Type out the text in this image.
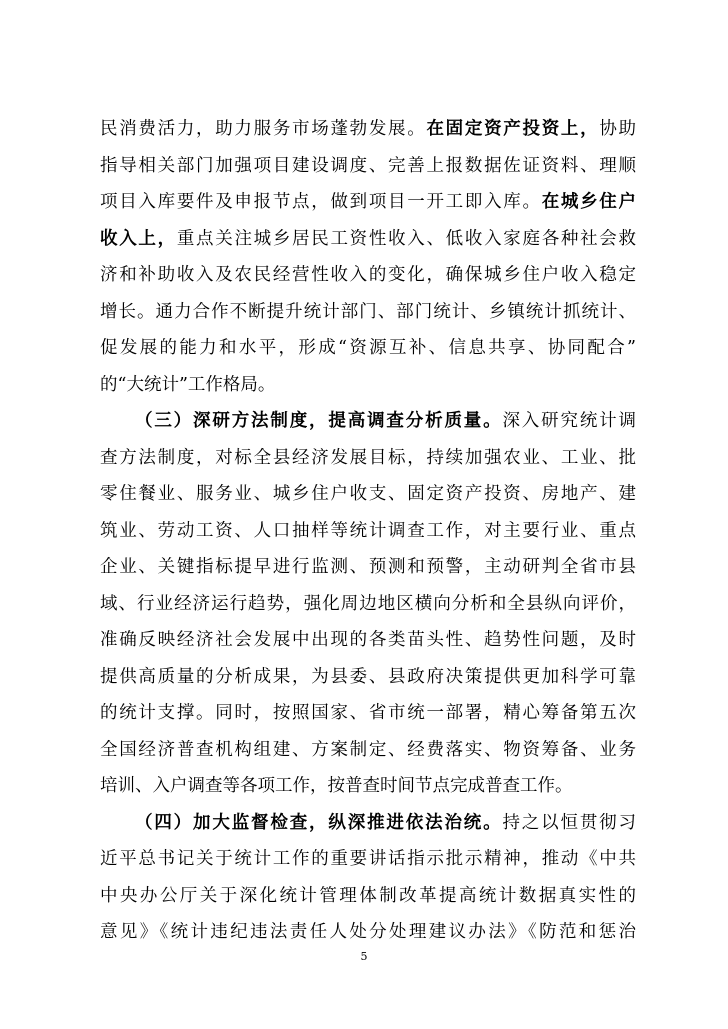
民消费活力，助力服务市场蓬勃发展。在固定资产投资上，协助
指导相关部门加强项目建设调度、完善上报数据佐证资料、理顺
项目入库要件及申报节点，做到项目一开工即入库。在城乡住户
收入上，重点关注城乡居民工资性收入、低收入家庭各种社会救
济和补助收入及农民经营性收入的变化，确保城乡住户收入稳定
增长。通力合作不断提升统计部门、部门统计、乡镇统计抓统计、
促发展的能力和水平，形成“资源互补、信息共享、协同配合”
的“大统计”工作格局。
（三）深研方法制度，提高调查分析质量。深入研究统计调
查方法制度，对标全县经济发展目标，持续加强农业、工业、批
零住餐业、服务业、城乡住户收支、固定资产投资、房地产、建
筑业、劳动工资、人口抽样等统计调查工作，对主要行业、重点
企业、关键指标提早进行监测、预测和预警，主动研判全省市县
域、行业经济运行趋势，强化周边地区横向分析和全县纵向评价，
准确反映经济社会发展中出现的各类苗头性、趋势性问题，及时
提供高质量的分析成果，为县委、县政府决策提供更加科学可靠
的统计支撑。同时，按照国家、省市统一部署，精心筹备第五次
全国经济普查机构组建、方案制定、经费落实、物资筹备、业务
培训、入户调查等各项工作，按普查时间节点完成普查工作。
（四）加大监督检查，纵深推进依法治统。持之以恒贯彻习
近平总书记关于统计工作的重要讲话指示批示精神，推动《中共
中央办公厅关于深化统计管理体制改革提高统计数据真实性的
意见》《统计违纪违法责任人处分处理建议办法》《防范和惩治
5
